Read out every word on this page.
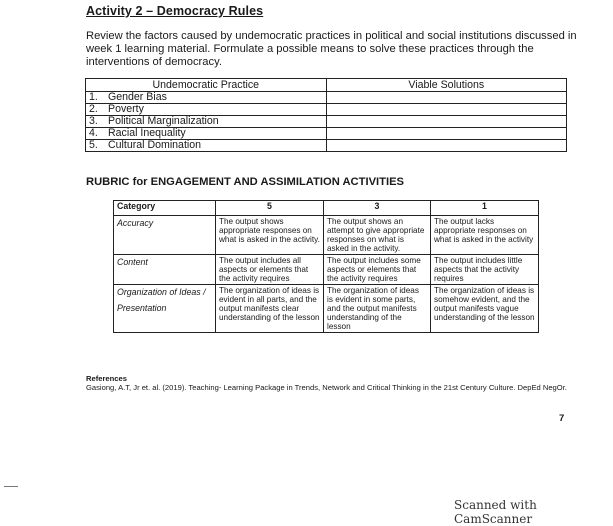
Activity 2 – Democracy Rules
Review the factors caused by undemocratic practices in political and social institutions discussed in week 1 learning material. Formulate a possible means to solve these practices through the interventions of democracy.
Undemocratic Practice	Viable Solutions

1. Gender Bias	

2. Poverty	

3. Political Marginalization	

4. Racial Inequality	

5. Cultural Domination	

RUBRIC for ENGAGEMENT AND ASSIMILATION ACTIVITIES
Category	5	3	1
Accuracy	The output shows appropriate responses on what is asked in the activity.	The output shows an attempt to give appropriate responses on what is asked in the activity.	The output lacks appropriate responses on what is asked in the activity
Content	The output includes all aspects or elements that the activity requires	The output includes some aspects or elements that the activity requires	The output includes little aspects that the activity requires

Organization of Ideas /
Presentation	The organization of ideas is evident in all parts, and the output manifests clear understanding of the lesson	The organization of ideas is evident in some parts, and the output manifests understanding of the lesson	The organization of ideas is somehow evident, and the output manifests vague understanding of the lesson
References
Gasiong, A.T, Jr et. al. (2019). Teaching- Learning Package in Trends, Network and Critical Thinking in the 21st Century Culture. DepEd NegOr.
7
Scanned with CamScanner
